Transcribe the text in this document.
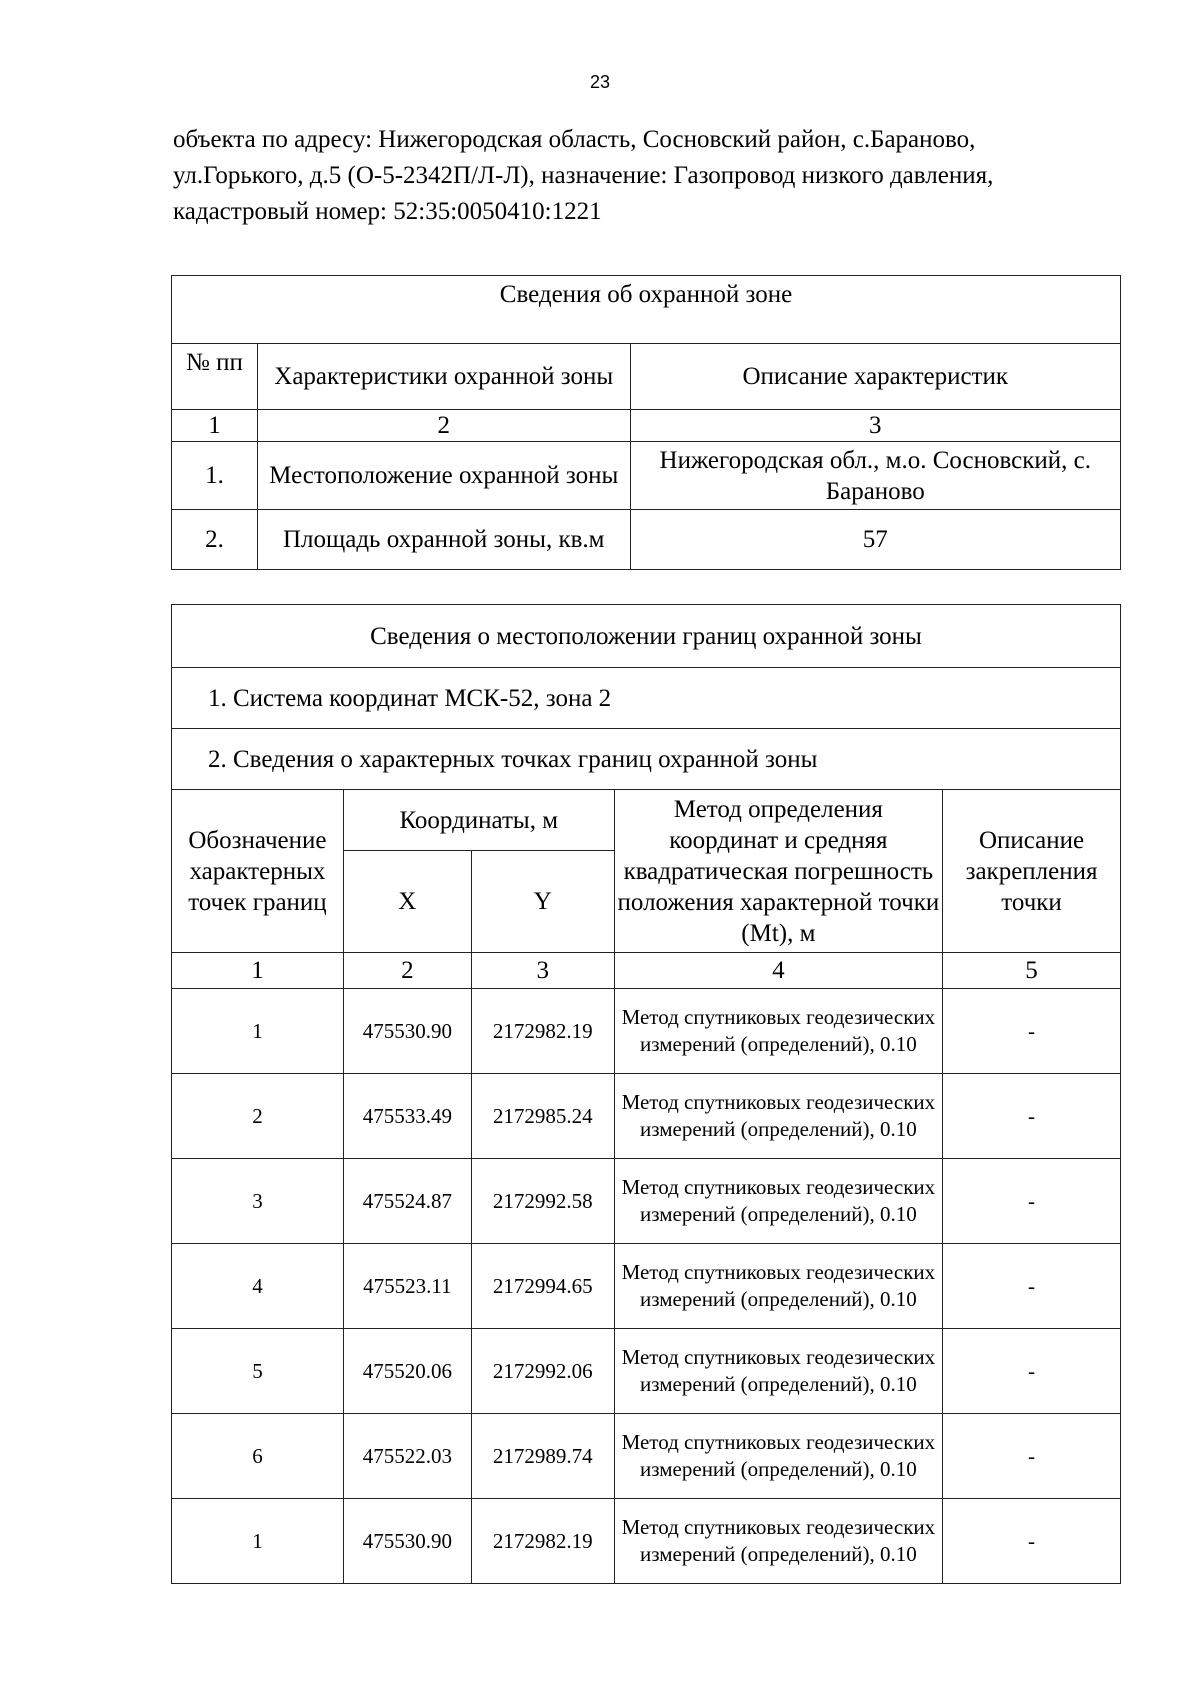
23

объекта по адресу: Нижегородская область, Сосновский район, с.Бараново,

ул.Горького, д.5 (О-5-2342П/Л-Л), назначение: Газопровод низкого давления,

кадастровый номер: 52:35:0050410:1221

Сведения об охранной зоне		
№ пп	Характеристики охранной зоны	Описание характеристик
1	2	3
1.	Местоположение охранной зоны	Нижегородская обл., м.о. Сосновский, с. Бараново
2.	Площадь охранной зоны, кв.м	57
Сведения о местоположении границ охранной зоны				
1. Система координат МСК-52, зона 2				
2. Сведения о характерных точках границ охранной зоны				
Обозначение характерных точек границ	Координаты, м		Метод определения координат и средняя квадратическая погрешность положения характерной точки (Mt), м	Описание закрепления точки
	X	Y		
1	2	3	4	5
1	475530.90	2172982.19	Метод спутниковых геодезических измерений (определений), 0.10	-
2	475533.49	2172985.24	Метод спутниковых геодезических измерений (определений), 0.10	-
3	475524.87	2172992.58	Метод спутниковых геодезических измерений (определений), 0.10	-
4	475523.11	2172994.65	Метод спутниковых геодезических измерений (определений), 0.10	-
5	475520.06	2172992.06	Метод спутниковых геодезических измерений (определений), 0.10	-
6	475522.03	2172989.74	Метод спутниковых геодезических измерений (определений), 0.10	-
1	475530.90	2172982.19	Метод спутниковых геодезических измерений (определений), 0.10	-
